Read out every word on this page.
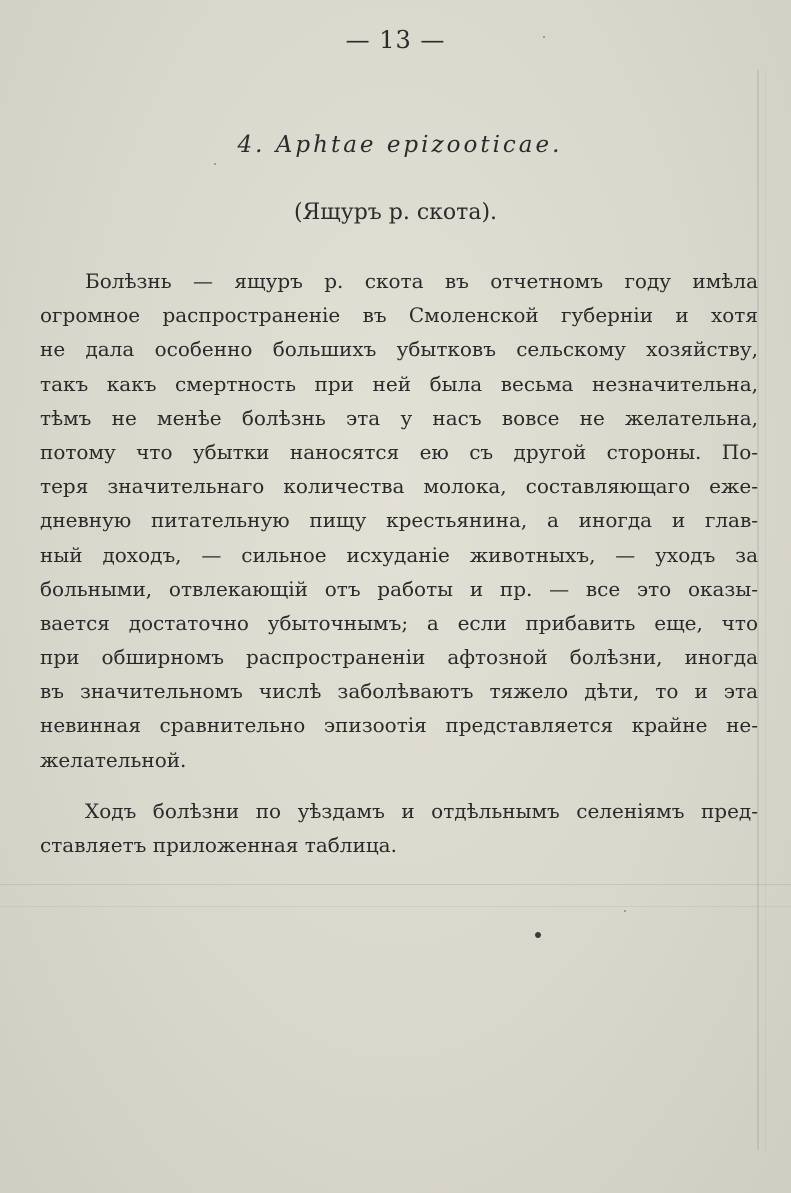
— 13 —
4. Aphtae epizooticae.
(Ящуръ р. скота).
Болѣзнь — ящуръ р. скота въ отчетномъ году имѣла
огромное распространеніе въ Смоленской губерніи и хотя
не дала особенно большихъ убытковъ сельскому хозяйству,
такъ какъ смертность при ней была весьма незначительна,
тѣмъ не менѣе болѣзнь эта у насъ вовсе не желательна,
потому что убытки наносятся ею съ другой стороны. По-
теря значительнаго количества молока, составляющаго еже-
дневную питательную пищу крестьянина, а иногда и глав-
ный доходъ, — сильное исхуданіе животныхъ, — уходъ за
больными, отвлекающій отъ работы и пр. — все это оказы-
вается достаточно убыточнымъ; а если прибавить еще, что
при обширномъ распространеніи афтозной болѣзни, иногда
въ значительномъ числѣ заболѣваютъ тяжело дѣти, то и эта
невинная сравнительно эпизоотія представляется крайне не-
желательной.
Ходъ болѣзни по уѣздамъ и отдѣльнымъ селеніямъ пред-
ставляетъ приложенная таблица.
